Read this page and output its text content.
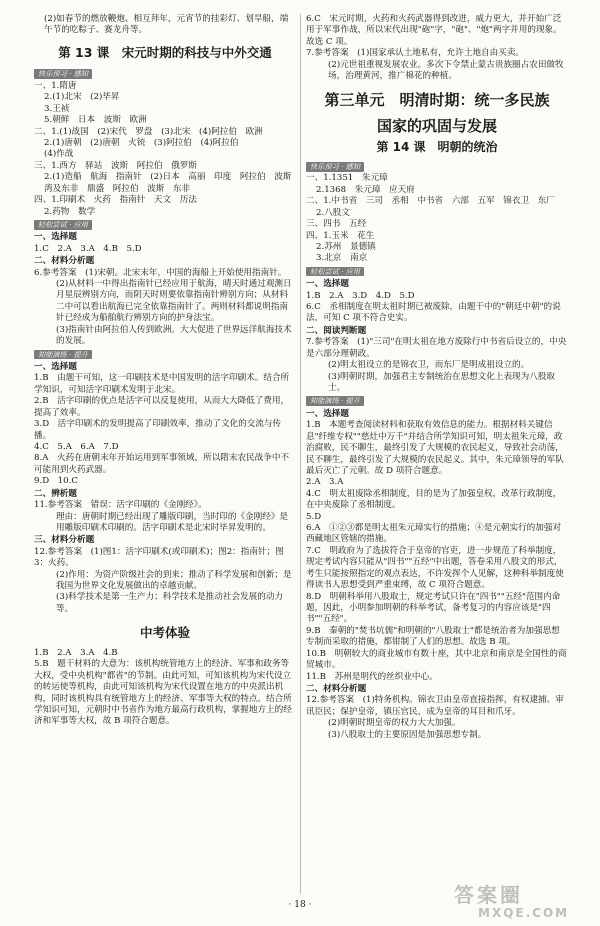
(2)如春节的燃放鞭炮、相互拜年，元宵节的挂彩灯、划旱船，端午节的吃粽子、赛龙舟等。

第 13 课　宋元时期的科技与中外交通
快乐预习 · 感知

一、1.隋唐

2.(1)北宋　(2)毕昇

3.王祯

5.朝鲜　日本　波斯　欧洲

二、1.(1)战国　(2)宋代　罗盘　(3)北宋　(4)阿拉伯　欧洲

2.(1)唐朝　(2)唐朝　火铳　(3)阿拉伯　(4)阿拉伯

(4)作战

三、1.西方　驿站　波斯　阿拉伯　俄罗斯

2.(1)造船　航海　指南针　(2)日本　高丽　印度　阿拉伯　波斯湾及东非　鼎盛　阿拉伯　波斯　东非

四、1.印刷术　火药　指南针　天文　历法

2.药物　数学

轻松尝试 · 应用

一、选择题

1.C　2.A　3.A　4.B　5.D

二、材料分析题

6.参考答案　(1)宋朝。北宋末年，中国的海船上开始使用指南针。

(2)从材料一中得出指南针已经应用于航海，晴天时通过观测日月星辰辨别方向，而阴天时则要依靠指南针辨别方向；从材料二中可以看出航海已完全依靠指南针了。两则材料都说明指南针已经成为船舶航行辨别方向的护身法宝。

(3)指南针由阿拉伯人传到欧洲。大大促进了世界远洋航海技术的发展。

知能演练 · 提升

一、选择题

1.B　由题干可知，这一印刷技术是中国发明的活字印刷术。结合所学知识，可知活字印刷术发明于北宋。

2.B　活字印刷的优点是活字可以反复使用，从而大大降低了费用，提高了效率。

3.D　活字印刷术的发明提高了印刷效率，推动了文化的交流与传播。

4.C　5.A　6.A　7.D

8.A　火药在唐朝末年开始运用到军事领域，所以隋末农民战争中不可能用到火药武器。

9.D　10.C

二、辨析题

11.参考答案　错误：活字印刷的《金刚经》。

理由：唐朝时期已经出现了雕版印刷，当时印的《金刚经》是用雕版印刷术印刷的。活字印刷术是北宋时毕昇发明的。

三、材料分析题

12.参考答案　(1)图1：活字印刷术(或印刷术)；图2：指南针；图3：火药。

(2)作用：为资产阶级社会的到来；推动了科学发展和创新；是我国为世界文化发展做出的卓越贡献。

(3)科学技术是第一生产力；科学技术是推动社会发展的动力等。

中考体验

1.B　2.A　3.A　4.B

5.B　题干材料的大意为：该机构统管地方上的经济、军事和政务等大权，受中央机构"都省"的节制。由此可知，可知该机构为宋代设立的转运使等机构，由此可知该机构为宋代设置在地方的中央派出机构，同时该机构具有统管地方上的经济、军事等大权的特点。结合所学知识可知，元朝时中书省作为地方最高行政机构，掌握地方上的经济和军事等大权，故 B 项符合题意。

6.C　宋元时期，火药和火药武器得到改进，威力更大，并开始广泛用于军事作战，所以宋代出现"砲"字，"砲"、"炮"两字并用的现象。故选 C 项。

7.参考答案　(1)国家承认土地私有，允许土地自由买卖。

(2)元世祖重视发展农业。多次下令禁止蒙古贵族圈占农田做牧场，治理黄河，推广棉花的种植。

第三单元　明清时期：统一多民族
国家的巩固与发展
第 14 课　明朝的统治
快乐预习 · 感知

一、1.1351　朱元璋

2.1368　朱元璋　应天府

二、1.中书省　三司　丞相　中书省　六部　五军　锦衣卫　东厂

2.八股文

三、四书　五经

四、1.玉米　花生

2.苏州　景德镇

3.北京　南京

轻松尝试 · 应用

一、选择题

1.B　2.A　3.D　4.D　5.D

6.C　丞相制度在明太祖时期已被废除，由题干中的"朝廷中朝"的说法，可知 C 项不符合史实。

二、阅读判断题

7.参考答案　(1)"三司"在明太祖在地方废除行中书省后设立的，中央是六部分理朝政。

(2)明太祖设立的是锦衣卫，而东厂是明成祖设立的。

(3)明朝时期，加强君主专制统治在思想文化上表现为八股取士。

知能演练 · 提升

一、选择题

1.B　本题考查阅读材料和获取有效信息的能力。根据材料关键信息"纤维专权""慈灶中万千"并结合所学知识可知，明太祖朱元璋，政治腐败，民不聊生，最终引发了大规模的农民起义，导致社会动荡，民不聊生，最终引发了大规模的农民起义。其中，朱元璋领导的军队最后灭亡了元朝。故 D 项符合题意。

2.A　3.A

4.C　明太祖废除丞相制度，目的是为了加强皇权，改革行政制度，在中央废除了丞相制度。

5.D

6.A　①②③都是明太祖朱元璋实行的措施；④是元朝实行的加强对西藏地区管辖的措施。

7.C　明政府为了选拔符合于皇帝的官吏，进一步规范了科举制度，规定考试内容只能从"四书""五经"中出题，答卷采用八股文的形式，考生只能按照指定的观点表达，不许发挥个人见解，这种科举制度使得读书人思想受到严重束缚，故 C 项符合题意。

8.D　明朝科举用八股取士，规定考试只许在"四书""五经"范围内命题，因此，小明参加明朝的科举考试，备考复习的内容应该是"四书""五经"。

9.B　秦朝的"焚书坑儒"和明朝的"八股取士"都是统治者为加强思想专制而采取的措施，都钳制了人们的思想。故选 B 项。

10.B　明朝较大的商业城市有数十座，其中北京和南京是全国性的商贸城市。

11.B　苏州是明代的丝织业中心。

二、材料分析题

12.参考答案　(1)特务机构。锦衣卫由皇帝直接指挥，有权逮捕、审讯臣民；保护皇帝，镇压官民，成为皇帝的耳目和爪牙。

(2)明朝时期皇帝的权力大大加强。

(3)八股取士的主要原因是加强思想专制。

· 18 ·	答案圈
MXQE.COM
